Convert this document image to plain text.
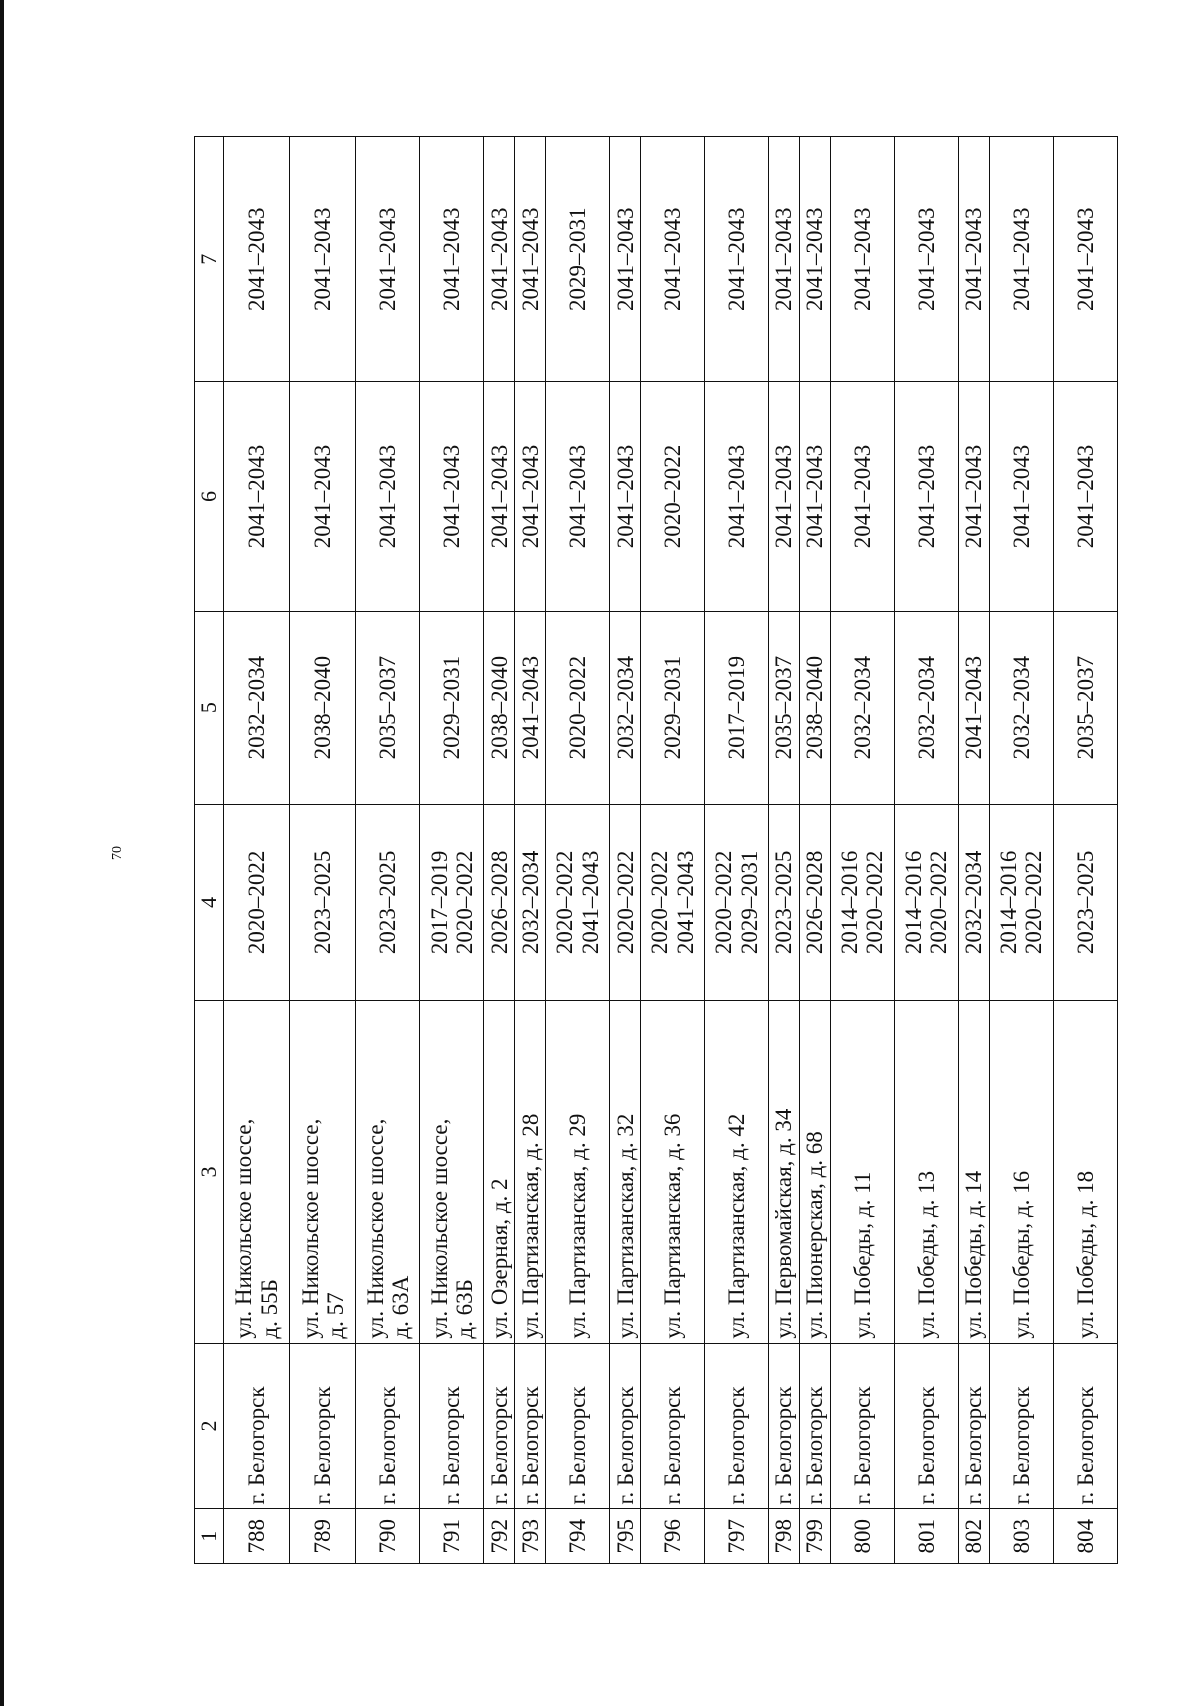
70
1	2	3	4	5	6	7
788	г. Белогорск	ул. Никольское шоссе, д. 55Б	2020–2022	2032–2034	2041–2043	2041–2043
789	г. Белогорск	ул. Никольское шоссе, д. 57	2023–2025	2038–2040	2041–2043	2041–2043
790	г. Белогорск	ул. Никольское шоссе, д. 63А	2023–2025	2035–2037	2041–2043	2041–2043
791	г. Белогорск	ул. Никольское шоссе, д. 63Б	2017–2019 2020–2022	2029–2031	2041–2043	2041–2043
792	г. Белогорск	ул. Озерная, д. 2	2026–2028	2038–2040	2041–2043	2041–2043
793	г. Белогорск	ул. Партизанская, д. 28	2032–2034	2041–2043	2041–2043	2041–2043
794	г. Белогорск	ул. Партизанская, д. 29	2020–2022 2041–2043	2020–2022	2041–2043	2029–2031
795	г. Белогорск	ул. Партизанская, д. 32	2020–2022	2032–2034	2041–2043	2041–2043
796	г. Белогорск	ул. Партизанская, д. 36	2020–2022 2041–2043	2029–2031	2020–2022	2041–2043
797	г. Белогорск	ул. Партизанская, д. 42	2020–2022 2029–2031	2017–2019	2041–2043	2041–2043
798	г. Белогорск	ул. Первомайская, д. 34	2023–2025	2035–2037	2041–2043	2041–2043
799	г. Белогорск	ул. Пионерская, д. 68	2026–2028	2038–2040	2041–2043	2041–2043
800	г. Белогорск	ул. Победы, д. 11	2014–2016 2020–2022	2032–2034	2041–2043	2041–2043
801	г. Белогорск	ул. Победы, д. 13	2014–2016 2020–2022	2032–2034	2041–2043	2041–2043
802	г. Белогорск	ул. Победы, д. 14	2032–2034	2041–2043	2041–2043	2041–2043
803	г. Белогорск	ул. Победы, д. 16	2014–2016 2020–2022	2032–2034	2041–2043	2041–2043
804	г. Белогорск	ул. Победы, д. 18	2023–2025	2035–2037	2041–2043	2041–2043
